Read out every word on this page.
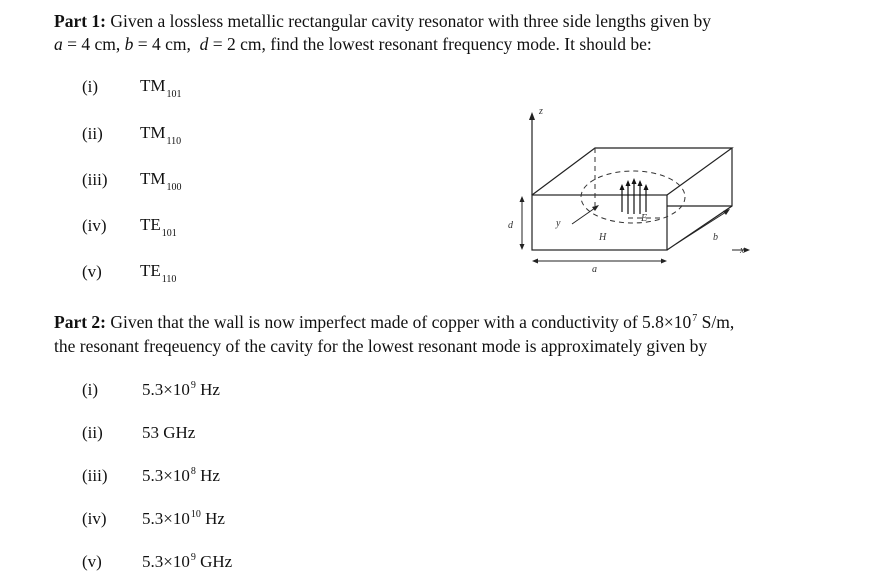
Part 1: Given a lossless metallic rectangular cavity resonator with three side lengths given by
a = 4 cm, b = 4 cm, d = 2 cm, find the lowest resonant frequency mode. It should be:
(i) $TM_{101}$
(ii) $TM_{110}$
(iii) $TM_{100}$
(iv) $TE_{101}$
(v) $TE_{110}$
z
x
y
d
a
b
H
E
Part 2: Given that the wall is now imperfect made of copper with a conductivity of $5.8\times 10^7$ S/m,
the resonant freqeuency of the cavity for the lowest resonant mode is approximately given by
(i)	$5.3\times 10^9$ Hz
(ii) 53 GHz
(iii) $5.3\times 10^8$ Hz
(iv) $5.3\times 10^{10}$ Hz
(v) $5.3\times 10^9$ GHz
